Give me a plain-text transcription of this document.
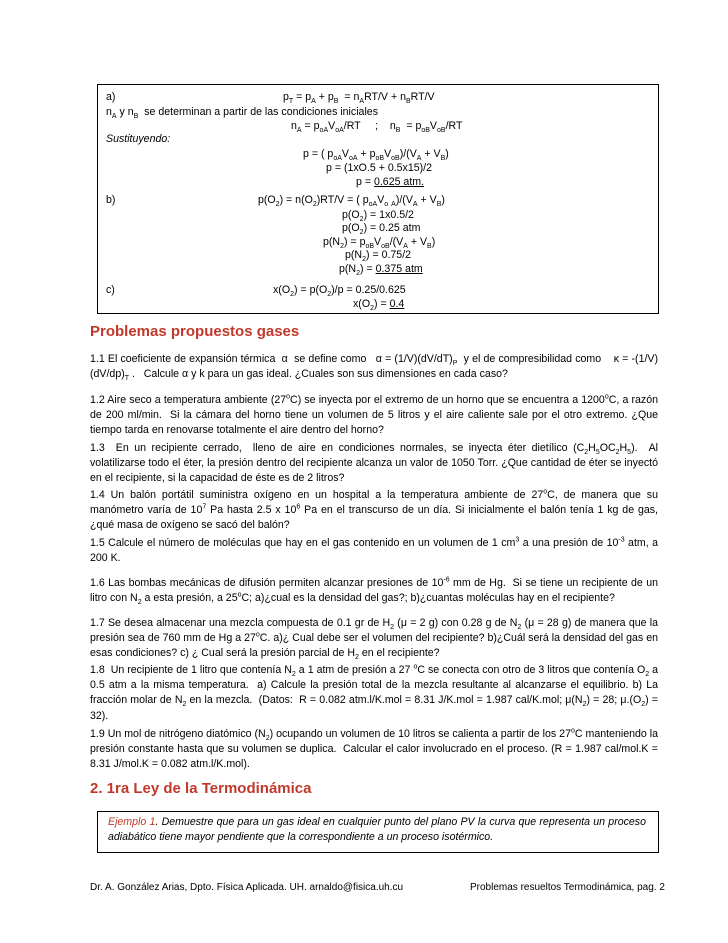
a)	$p_T = p_A + p_B = n_ART/V + n_BRT/V$
$n_A$ y $n_B$  se determinan a partir de las condiciones iniciales
$n_A = p_{oA}V_{oA}/RT$     ;    $n_B = p_{oB}V_{oB}/RT$
Sustituyendo:
p = ( $p_{oA}V_{oA} + p_{oB}V_{oB})/(V_A + V_B)$
p = (1xO.5 + 0.5x15)/2
p = 0.625 atm.
b)	$p(O_2) = n(O_2)RT/V$ = ( $p_{oA}V_o$ $_A)/(V_A + V_B)$
$p(O_2) = 1x0.5/2$
$p(O_2) = 0.25$ atm
$p(N_2) = p_{oB}V_{oB}/(V_A + V_B)$
$p(N_2) = 0.75/2$
$p(N_2) = 0.375$ atm
c)	$x(O_2) = p(O_2)/p = 0.25/0.625$
$x(O_2) = 0.4$
Problemas propuestos gases
1.1 El coeficiente de expansión térmica  α  se define como   $\alpha = (1/V)(dV/dT)_P$  y el de compresibilidad como    $\kappa = -(1/V)(dV/dp)_T$ .   Calcule α y k para un gas ideal. ¿Cuales son sus dimensiones en cada caso?
1.2 Aire seco a temperatura ambiente (27$^o$C) se inyecta por el extremo de un horno que se encuentra a 1200$^o$C, a razón de 200 ml/min.  Si la cámara del horno tiene un volumen de 5 litros y el aire caliente sale por el otro extremo. ¿Que tiempo tarda en renovarse totalmente el aire dentro del horno?
1.3  En un recipiente cerrado,  lleno de aire en condiciones normales, se inyecta éter dietílico $(C_2H_5OC_2H_5)$.  Al volatilizarse todo el éter, la presión dentro del recipiente alcanza un valor de 1050 Torr. ¿Que cantidad de éter se inyectó en el recipiente, si la capacidad de éste es de 2 litros?
1.4 Un balón portátil suministra oxígeno en un hospital a la temperatura ambiente de 27$^o$C, de manera que su manómetro varía de $10^7$ Pa hasta 2.5 x $10^6$ Pa en el transcurso de un día. Si inicialmente el balón tenía 1 kg de gas, ¿qué masa de oxígeno se sacó del balón?
1.5 Calcule el número de moléculas que hay en el gas contenido en un volumen de 1 $cm^3$ a una presión de $10^{-3}$ atm, a 200 K.
1.6 Las bombas mecánicas de difusión permiten alcanzar presiones de $10^{-6}$ mm de Hg.  Si se tiene un recipiente de un litro con $N_2$ a esta presión, a 25$^o$C; a)¿cual es la densidad del gas?; b)¿cuantas moléculas hay en el recipiente?
1.7 Se desea almacenar una mezcla compuesta de 0.1 gr de $H_2$ (μ = 2 g) con 0.28 g de $N_2$ (μ = 28 g) de manera que la presión sea de 760 mm de Hg a 27$^o$C. a)¿ Cual debe ser el volumen del recipiente? b)¿Cuál será la densidad del gas en esas condiciones? c) ¿ Cual será la presión parcial de $H_2$ en el recipiente?
1.8  Un recipiente de 1 litro que contenía $N_2$ a 1 atm de presión a 27 $^o$C se conecta con otro de 3 litros que contenía $O_2$ a 0.5 atm a la misma temperatura.  a) Calcule la presión total de la mezcla resultante al alcanzarse el equilibrio. b) La fracción molar de $N_2$ en la mezcla.  (Datos:  R = 0.082 atm.l/K.mol = 8.31 J/K.mol = 1.987 cal/K.mol; $\mu(N_2) = 28$; $\mu.(O_2) = 32$).
1.9 Un mol de nitrógeno diatómico $(N_2)$ ocupando un volumen de 10 litros se calienta a partir de los 27$^o$C manteniendo la presión constante hasta que su volumen se duplica.  Calcular el calor involucrado en el proceso. (R = 1.987 cal/mol.K = 8.31 J/mol.K = 0.082 atm.l/K.mol).
2. 1ra Ley de la Termodinámica
Ejemplo 1. Demuestre que para un gas ideal en cualquier punto del plano PV la curva que representa un proceso adiabático tiene mayor pendiente que la correspondiente a un proceso isotérmico.
Dr. A. González Arias, Dpto. Física Aplicada. UH. arnaldo@fisica.uh.cu	Problemas resueltos Termodinámica, pag. 2
